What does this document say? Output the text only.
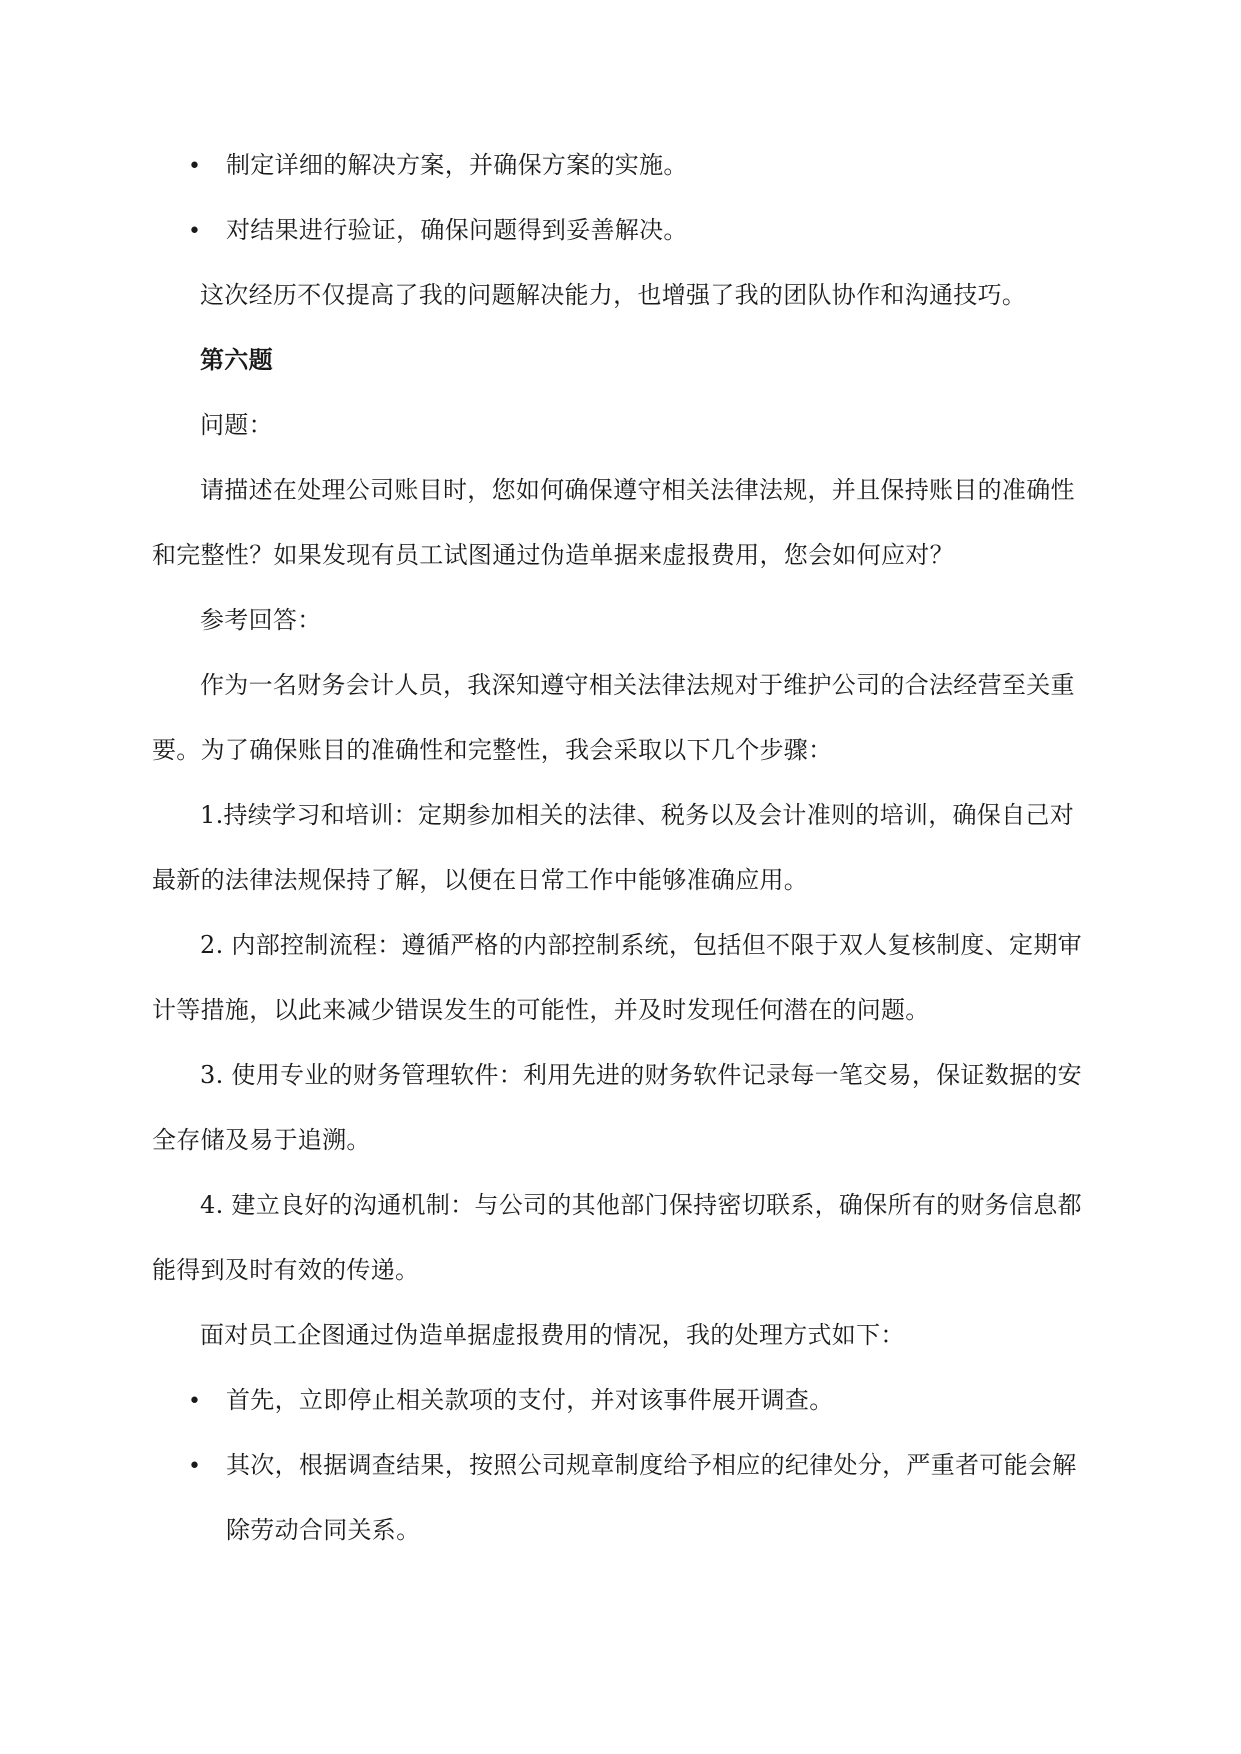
• 制定详细的解决方案，并确保方案的实施。
• 对结果进行验证，确保问题得到妥善解决。
这次经历不仅提高了我的问题解决能力，也增强了我的团队协作和沟通技巧。
第六题
问题：
请描述在处理公司账目时，您如何确保遵守相关法律法规，并且保持账目的准确性
和完整性？如果发现有员工试图通过伪造单据来虚报费用，您会如何应对？
参考回答：
作为一名财务会计人员，我深知遵守相关法律法规对于维护公司的合法经营至关重
要。为了确保账目的准确性和完整性，我会采取以下几个步骤：
1.持续学习和培训：定期参加相关的法律、税务以及会计准则的培训，确保自己对
最新的法律法规保持了解，以便在日常工作中能够准确应用。
2. 内部控制流程：遵循严格的内部控制系统，包括但不限于双人复核制度、定期审
计等措施，以此来减少错误发生的可能性，并及时发现任何潜在的问题。
3. 使用专业的财务管理软件：利用先进的财务软件记录每一笔交易，保证数据的安
全存储及易于追溯。
4. 建立良好的沟通机制：与公司的其他部门保持密切联系，确保所有的财务信息都
能得到及时有效的传递。
面对员工企图通过伪造单据虚报费用的情况，我的处理方式如下：
• 首先，立即停止相关款项的支付，并对该事件展开调查。
• 其次，根据调查结果，按照公司规章制度给予相应的纪律处分，严重者可能会解
除劳动合同关系。
